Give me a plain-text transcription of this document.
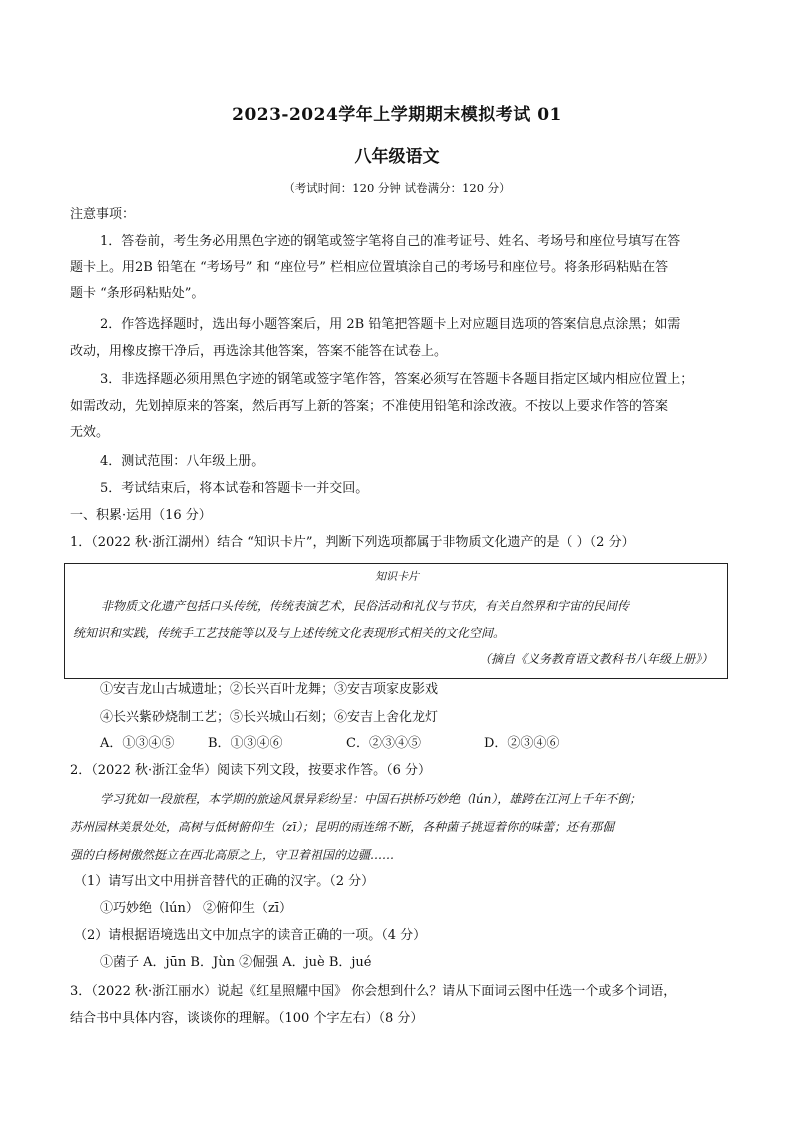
2023-2024学年上学期期末模拟考试 01
八年级语文
（考试时间：120 分钟 试卷满分：120 分）
注意事项：
1．答卷前，考生务必用黑色字迹的钢笔或签字笔将自己的准考证号、姓名、考场号和座位号填写在答
题卡上。用2B 铅笔在 “考场号” 和 “座位号” 栏相应位置填涂自己的考场号和座位号。将条形码粘贴在答
题卡 “条形码粘贴处”。
2．作答选择题时，选出每小题答案后，用 2B 铅笔把答题卡上对应题目选项的答案信息点涂黑；如需
改动，用橡皮擦干净后，再选涂其他答案，答案不能答在试卷上。
3．非选择题必须用黑色字迹的钢笔或签字笔作答，答案必须写在答题卡各题目指定区域内相应位置上；
如需改动，先划掉原来的答案，然后再写上新的答案；不准使用铅笔和涂改液。不按以上要求作答的答案
无效。
4．测试范围：八年级上册。
5．考试结束后，将本试卷和答题卡一并交回。
一、积累·运用（16 分）
1．（2022 秋·浙江湖州）结合 “知识卡片”，判断下列选项都属于非物质文化遗产的是（ ）（2 分）
知识卡片
非物质文化遗产包括口头传统，传统表演艺术，民俗活动和礼仪与节庆，有关自然界和宇宙的民间传
统知识和实践，传统手工艺技能等以及与上述传统文化表现形式相关的文化空间。
（摘自《义务教育语文教科书八年级上册》）
①安吉龙山古城遗址；②长兴百叶龙舞；③安吉项家皮影戏
④长兴紫砂烧制工艺；⑤长兴城山石刻；⑥安吉上舍化龙灯
A．①③④⑤	B．①③④⑥	C．②③④⑤	D．②③④⑥
2．（2022 秋·浙江金华）阅读下列文段，按要求作答。（6 分）
学习犹如一段旅程，本学期的旅途风景异彩纷呈：中国石拱桥巧妙绝（lún），雄跨在江河上千年不倒；
苏州园林美景处处，高树与低树俯仰生（zī）；昆明的雨连绵不断，各种菌子挑逗着你的味蕾；还有那倔
强的白杨树傲然挺立在西北高原之上，守卫着祖国的边疆……
（1）请写出文中用拼音替代的正确的汉字。（2 分）
①巧妙绝（lún） ②俯仰生（zī）
（2）请根据语境选出文中加点字的读音正确的一项。（4 分）
①菌子 A．jūn B．Jùn ②倔强 A．juè B．jué
3．（2022 秋·浙江丽水）说起《红星照耀中国》 你会想到什么？请从下面词云图中任选一个或多个词语，
结合书中具体内容，谈谈你的理解。（100 个字左右）（8 分）
